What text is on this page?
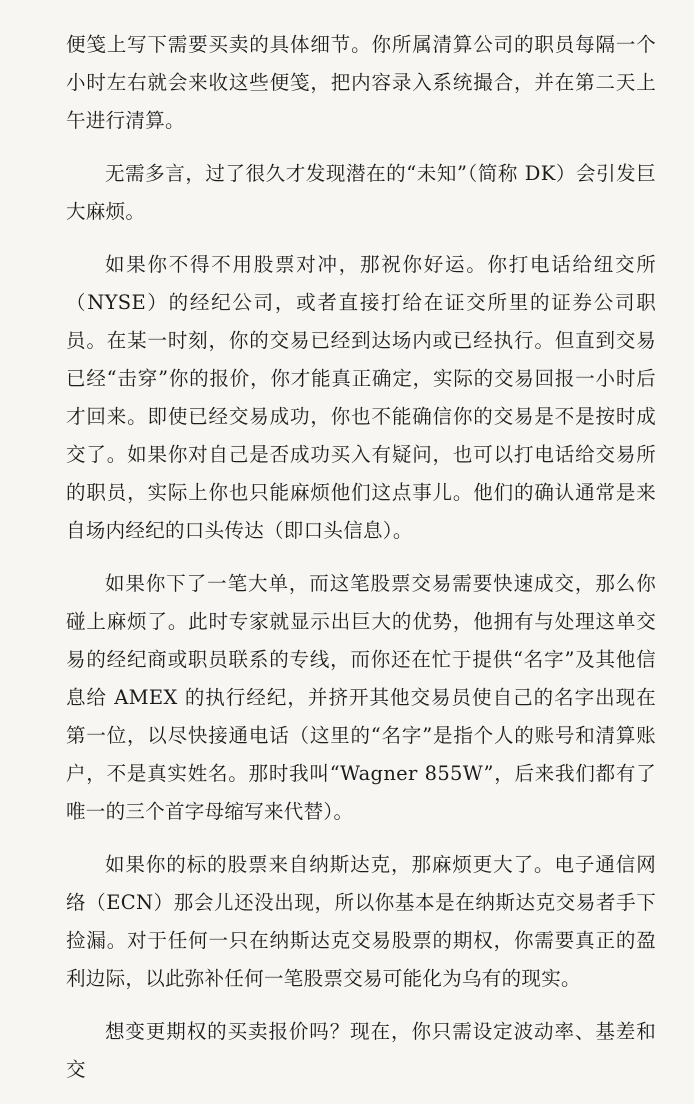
便笺上写下需要买卖的具体细节。你所属清算公司的职员每隔一个小时左右就会来收这些便笺，把内容录入系统撮合，并在第二天上午进行清算。

无需多言，过了很久才发现潜在的“未知”（简称 DK）会引发巨大麻烦。

如果你不得不用股票对冲，那祝你好运。你打电话给纽交所（NYSE）的经纪公司，或者直接打给在证交所里的证券公司职员。在某一时刻，你的交易已经到达场内或已经执行。但直到交易已经“击穿”你的报价，你才能真正确定，实际的交易回报一小时后才回来。即使已经交易成功，你也不能确信你的交易是不是按时成交了。如果你对自己是否成功买入有疑问，也可以打电话给交易所的职员，实际上你也只能麻烦他们这点事儿。他们的确认通常是来自场内经纪的口头传达（即口头信息）。

如果你下了一笔大单，而这笔股票交易需要快速成交，那么你碰上麻烦了。此时专家就显示出巨大的优势，他拥有与处理这单交易的经纪商或职员联系的专线，而你还在忙于提供“名字”及其他信息给 AMEX 的执行经纪，并挤开其他交易员使自己的名字出现在第一位，以尽快接通电话（这里的“名字”是指个人的账号和清算账户，不是真实姓名。那时我叫“Wagner 855W”，后来我们都有了唯一的三个首字母缩写来代替）。

如果你的标的股票来自纳斯达克，那麻烦更大了。电子通信网络（ECN）那会儿还没出现，所以你基本是在纳斯达克交易者手下捡漏。对于任何一只在纳斯达克交易股票的期权，你需要真正的盈利边际，以此弥补任何一笔股票交易可能化为乌有的现实。

想变更期权的买卖报价吗？现在，你只需设定波动率、基差和交
